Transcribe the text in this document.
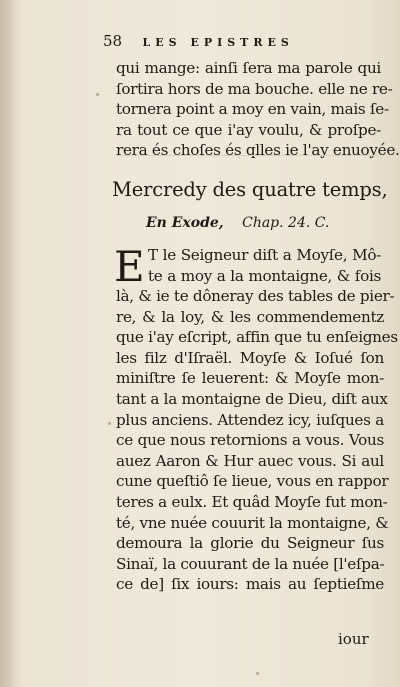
58 LES EPISTRES
qui mange: ainſi ſera ma parole qui
ſortira hors de ma bouche. elle ne re-
tornera point a moy en vain, mais ſe-
ra tout ce que i'ay voulu, & proſpe-
rera és choſes és qlles ie l'ay enuoyée.
Mercredy des quatre temps,
En Exode, Chap. 24. C.
E T le Seigneur diſt a Moyſe, Mô-
te a moy a la montaigne, & fois
là, & ie te dôneray des tables de pier-
re, & la loy, & les commendementz
que i'ay eſcript, affin que tu enſeignes
les filz d'Iſraël. Moyſe & Ioſué ſon
miniſtre ſe leuerent: & Moyſe mon-
tant a la montaigne de Dieu, diſt aux
plus anciens. Attendez icy, iuſques a
ce que nous retornions a vous. Vous
auez Aaron & Hur auec vous. Si aul
cune queſtiô ſe lieue, vous en rappor
teres a eulx. Et quâd Moyſe fut mon-
té, vne nuée couurit la montaigne, &
demoura la glorie du Seigneur ſus
Sinaï, la couurant de la nuée [l'eſpa-
ce de] ſix iours: mais au ſeptieſme
iour
